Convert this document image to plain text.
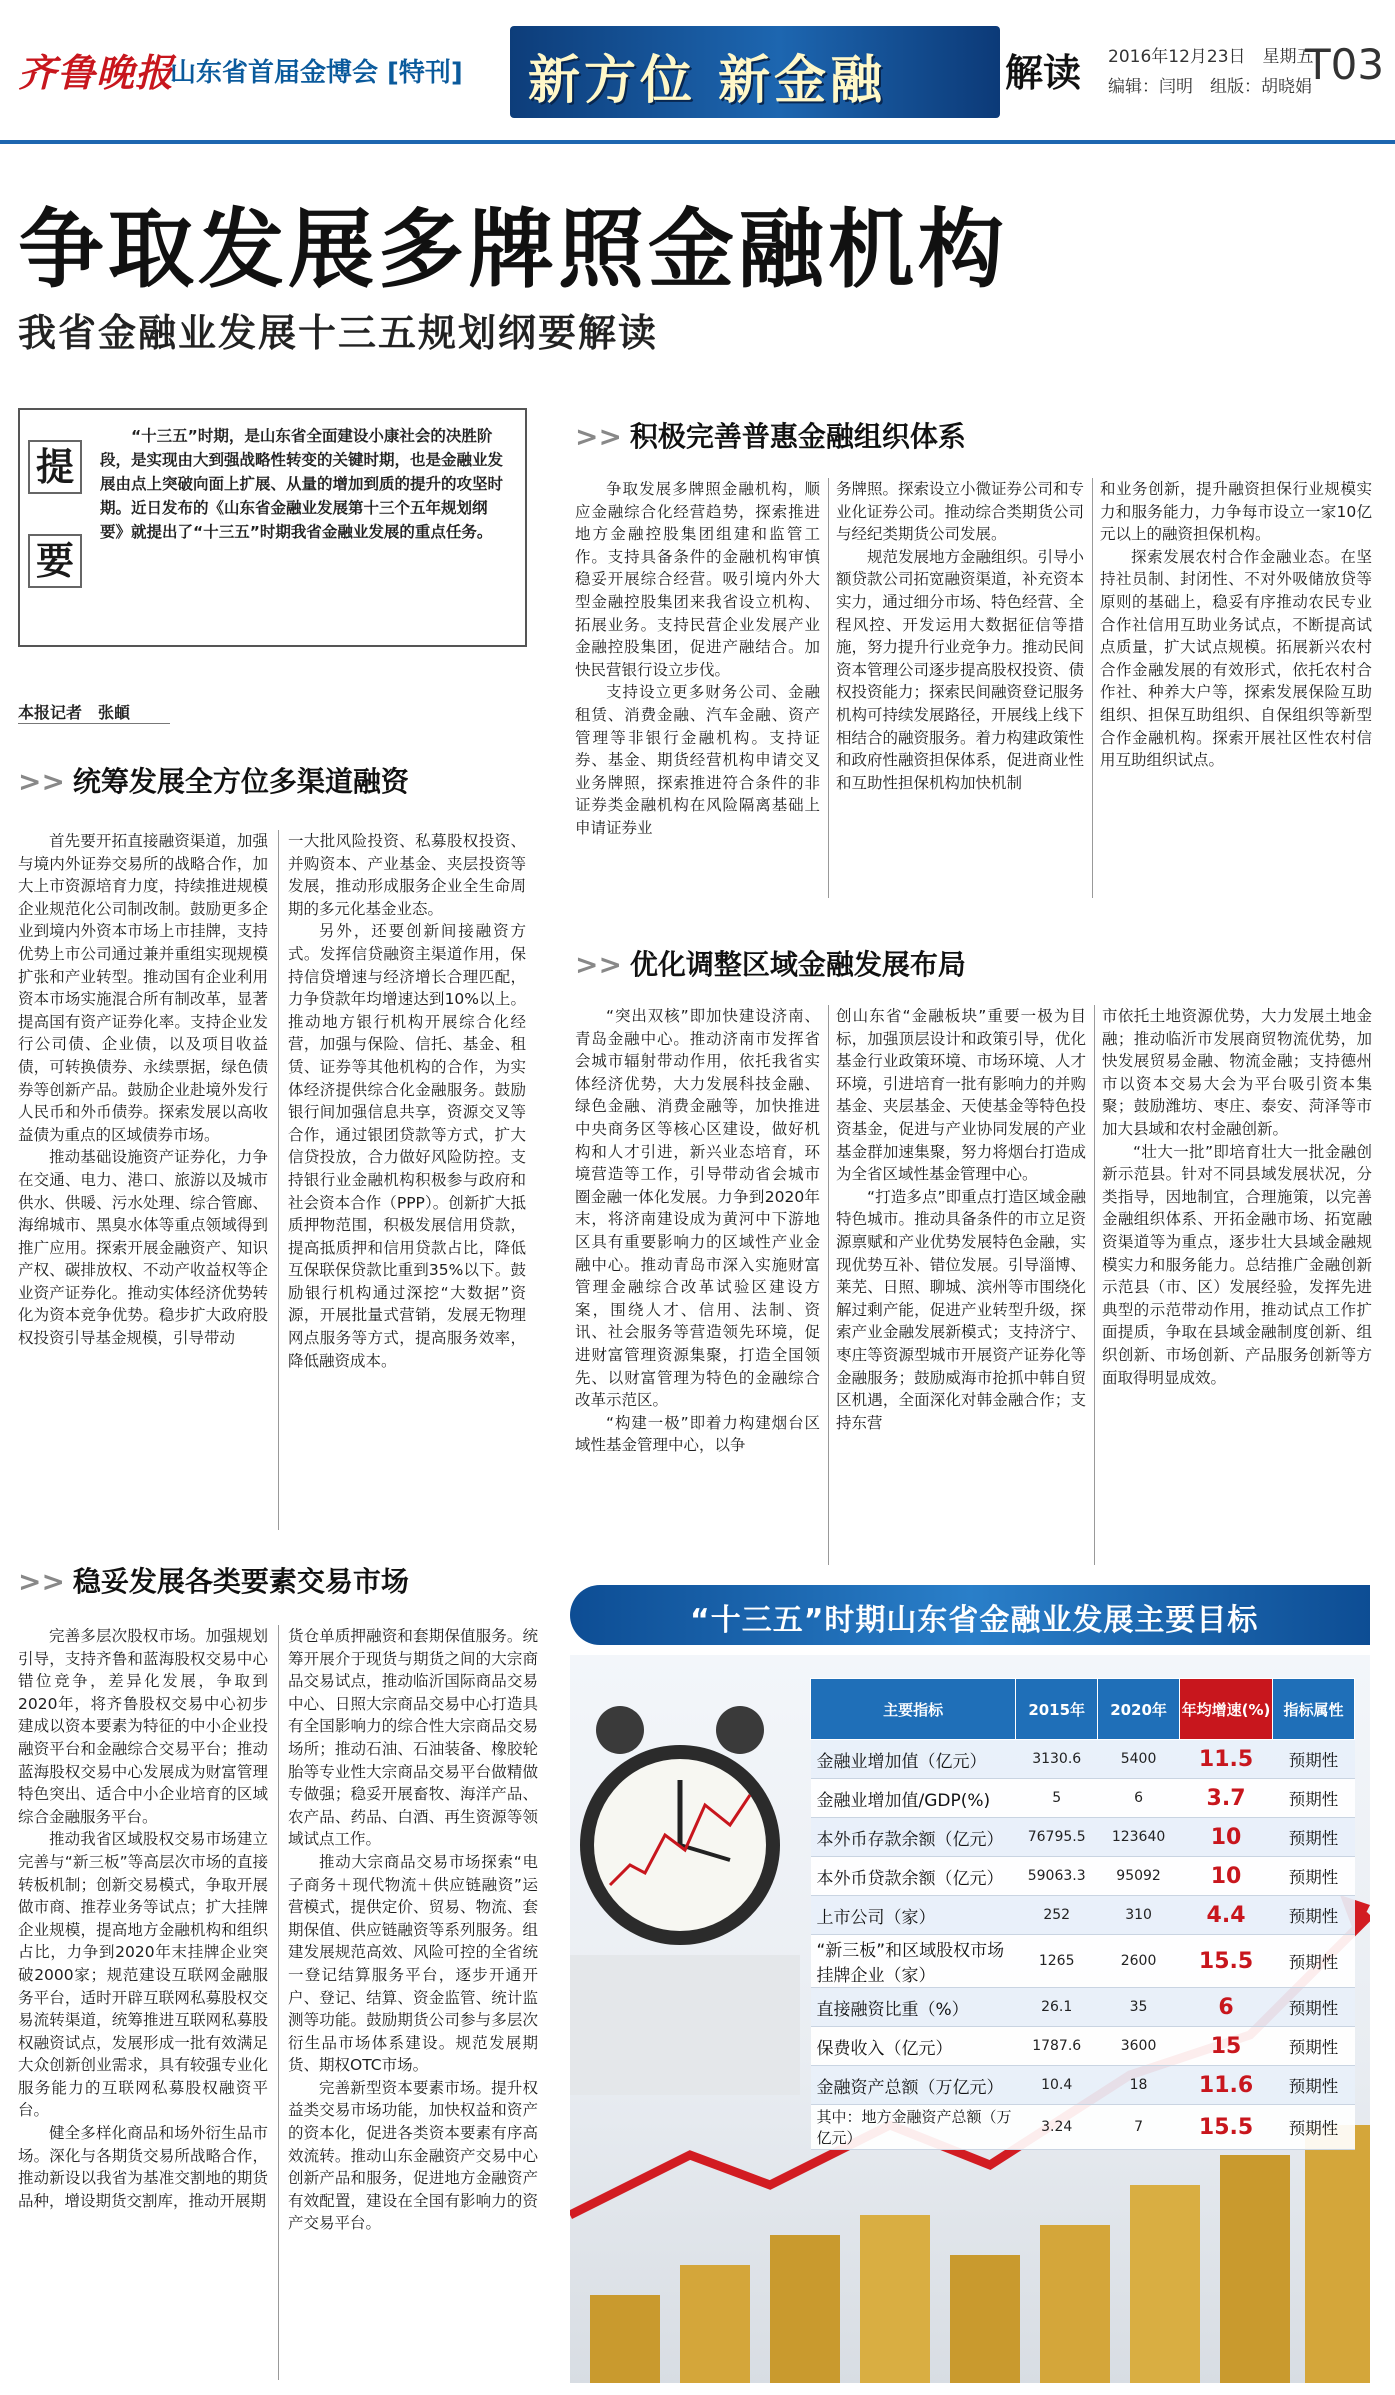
齐鲁晚报
山东省首届金博会 [特刊] 新方位 新金融	解读 2016年12月23日　星期五
编辑：闫明　组版：胡晓娟
T03
争取发展多牌照金融机构
我省金融业发展十三五规划纲要解读
提
要
“十三五”时期，是山东省全面建设小康社会的决胜阶段，是实现由大到强战略性转变的关键时期，也是金融业发展由点上突破向面上扩展、从量的增加到质的提升的攻坚时期。近日发布的《山东省金融业发展第十三个五年规划纲要》就提出了“十三五”时期我省金融业发展的重点任务。
本报记者　张頔
>> 统筹发展全方位多渠道融资

首先要开拓直接融资渠道，加强与境内外证券交易所的战略合作，加大上市资源培育力度，持续推进规模企业规范化公司制改制。鼓励更多企业到境内外资本市场上市挂牌，支持优势上市公司通过兼并重组实现规模扩张和产业转型。推动国有企业利用资本市场实施混合所有制改革，显著提高国有资产证券化率。支持企业发行公司债、企业债，以及项目收益债，可转换债券、永续票据，绿色债券等创新产品。鼓励企业赴境外发行人民币和外币债券。探索发展以高收益债为重点的区域债券市场。

推动基础设施资产证券化，力争在交通、电力、港口、旅游以及城市供水、供暖、污水处理、综合管廊、海绵城市、黑臭水体等重点领域得到推广应用。探索开展金融资产、知识产权、碳排放权、不动产收益权等企业资产证券化。推动实体经济优势转化为资本竞争优势。稳步扩大政府股权投资引导基金规模，引导带动

一大批风险投资、私募股权投资、并购资本、产业基金、夹层投资等发展，推动形成服务企业全生命周期的多元化基金业态。

另外，还要创新间接融资方式。发挥信贷融资主渠道作用，保持信贷增速与经济增长合理匹配，力争贷款年均增速达到10%以上。推动地方银行机构开展综合化经营，加强与保险、信托、基金、租赁、证券等其他机构的合作，为实体经济提供综合化金融服务。鼓励银行间加强信息共享，资源交叉等合作，通过银团贷款等方式，扩大信贷投放，合力做好风险防控。支持银行业金融机构积极参与政府和社会资本合作（PPP）。创新扩大抵质押物范围，积极发展信用贷款，提高抵质押和信用贷款占比，降低互保联保贷款比重到35%以下。鼓励银行机构通过深挖“大数据”资源，开展批量式营销，发展无物理网点服务等方式，提高服务效率，降低融资成本。

>> 稳妥发展各类要素交易市场

完善多层次股权市场。加强规划引导，支持齐鲁和蓝海股权交易中心错位竞争，差异化发展，争取到2020年，将齐鲁股权交易中心初步建成以资本要素为特征的中小企业投融资平台和金融综合交易平台；推动蓝海股权交易中心发展成为财富管理特色突出、适合中小企业培育的区域综合金融服务平台。

推动我省区域股权交易市场建立完善与“新三板”等高层次市场的直接转板机制；创新交易模式，争取开展做市商、推荐业务等试点；扩大挂牌企业规模，提高地方金融机构和组织占比，力争到2020年末挂牌企业突破2000家；规范建设互联网金融服务平台，适时开辟互联网私募股权交易流转渠道，统筹推进互联网私募股权融资试点，发展形成一批有效满足大众创新创业需求，具有较强专业化服务能力的互联网私募股权融资平台。

健全多样化商品和场外衍生品市场。深化与各期货交易所战略合作，推动新设以我省为基准交割地的期货品种，增设期货交割库，推动开展期

货仓单质押融资和套期保值服务。统筹开展介于现货与期货之间的大宗商品交易试点，推动临沂国际商品交易中心、日照大宗商品交易中心打造具有全国影响力的综合性大宗商品交易场所；推动石油、石油装备、橡胶轮胎等专业性大宗商品交易平台做精做专做强；稳妥开展畜牧、海洋产品、农产品、药品、白酒、再生资源等领域试点工作。

推动大宗商品交易市场探索“电子商务＋现代物流＋供应链融资”运营模式，提供定价、贸易、物流、套期保值、供应链融资等系列服务。组建发展规范高效、风险可控的全省统一登记结算服务平台，逐步开通开户、登记、结算、资金监管、统计监测等功能。鼓励期货公司参与多层次衍生品市场体系建设。规范发展期货、期权OTC市场。

完善新型资本要素市场。提升权益类交易市场功能，加快权益和资产的资本化，促进各类资本要素有序高效流转。推动山东金融资产交易中心创新产品和服务，促进地方金融资产有效配置，建设在全国有影响力的资产交易平台。

>> 积极完善普惠金融组织体系

争取发展多牌照金融机构，顺应金融综合化经营趋势，探索推进地方金融控股集团组建和监管工作。支持具备条件的金融机构审慎稳妥开展综合经营。吸引境内外大型金融控股集团来我省设立机构、拓展业务。支持民营企业发展产业金融控股集团，促进产融结合。加快民营银行设立步伐。

支持设立更多财务公司、金融租赁、消费金融、汽车金融、资产管理等非银行金融机构。支持证券、基金、期货经营机构申请交叉业务牌照，探索推进符合条件的非证券类金融机构在风险隔离基础上申请证券业

务牌照。探索设立小微证券公司和专业化证券公司。推动综合类期货公司与经纪类期货公司发展。

规范发展地方金融组织。引导小额贷款公司拓宽融资渠道，补充资本实力，通过细分市场、特色经营、全程风控、开发运用大数据征信等措施，努力提升行业竞争力。推动民间资本管理公司逐步提高股权投资、债权投资能力；探索民间融资登记服务机构可持续发展路径，开展线上线下相结合的融资服务。着力构建政策性和政府性融资担保体系，促进商业性和互助性担保机构加快机制

和业务创新，提升融资担保行业规模实力和服务能力，力争每市设立一家10亿元以上的融资担保机构。

探索发展农村合作金融业态。在坚持社员制、封闭性、不对外吸储放贷等原则的基础上，稳妥有序推动农民专业合作社信用互助业务试点，不断提高试点质量，扩大试点规模。拓展新兴农村合作金融发展的有效形式，依托农村合作社、种养大户等，探索发展保险互助组织、担保互助组织、自保组织等新型合作金融机构。探索开展社区性农村信用互助组织试点。

>> 优化调整区域金融发展布局

“突出双核”即加快建设济南、青岛金融中心。推动济南市发挥省会城市辐射带动作用，依托我省实体经济优势，大力发展科技金融、绿色金融、消费金融等，加快推进中央商务区等核心区建设，做好机构和人才引进，新兴业态培育，环境营造等工作，引导带动省会城市圈金融一体化发展。力争到2020年末，将济南建设成为黄河中下游地区具有重要影响力的区域性产业金融中心。推动青岛市深入实施财富管理金融综合改革试验区建设方案，围绕人才、信用、法制、资讯、社会服务等营造领先环境，促进财富管理资源集聚，打造全国领先、以财富管理为特色的金融综合改革示范区。

“构建一极”即着力构建烟台区域性基金管理中心，以争

创山东省“金融板块”重要一极为目标，加强顶层设计和政策引导，优化基金行业政策环境、市场环境、人才环境，引进培育一批有影响力的并购基金、夹层基金、天使基金等特色投资基金，促进与产业协同发展的产业基金群加速集聚，努力将烟台打造成为全省区域性基金管理中心。

“打造多点”即重点打造区域金融特色城市。推动具备条件的市立足资源禀赋和产业优势发展特色金融，实现优势互补、错位发展。引导淄博、莱芜、日照、聊城、滨州等市围绕化解过剩产能，促进产业转型升级，探索产业金融发展新模式；支持济宁、枣庄等资源型城市开展资产证券化等金融服务；鼓励威海市抢抓中韩自贸区机遇，全面深化对韩金融合作；支持东营

市依托土地资源优势，大力发展土地金融；推动临沂市发展商贸物流优势，加快发展贸易金融、物流金融；支持德州市以资本交易大会为平台吸引资本集聚；鼓励潍坊、枣庄、泰安、菏泽等市加大县域和农村金融创新。

“壮大一批”即培育壮大一批金融创新示范县。针对不同县域发展状况，分类指导，因地制宜，合理施策，以完善金融组织体系、开拓金融市场、拓宽融资渠道等为重点，逐步壮大县域金融规模实力和服务能力。总结推广金融创新示范县（市、区）发展经验，发挥先进典型的示范带动作用，推动试点工作扩面提质，争取在县域金融制度创新、组织创新、市场创新、产品服务创新等方面取得明显成效。

“十三五”时期山东省金融业发展主要目标
主要指标	2015年	2020年	年均增速(%)	指标属性
金融业增加值（亿元）	3130.6	5400	11.5	预期性
金融业增加值/GDP(%)	5	6	3.7	预期性
本外币存款余额（亿元）	76795.5	123640	10	预期性
本外币贷款余额（亿元）	59063.3	95092	10	预期性
上市公司（家）	252	310	4.4	预期性
“新三板”和区域股权市场挂牌企业（家）	1265	2600	15.5	预期性
直接融资比重（%）	26.1	35	6	预期性
保费收入（亿元）	1787.6	3600	15	预期性
金融资产总额（万亿元）	10.4	18	11.6	预期性
其中：地方金融资产总额（万亿元）	3.24	7	15.5	预期性
